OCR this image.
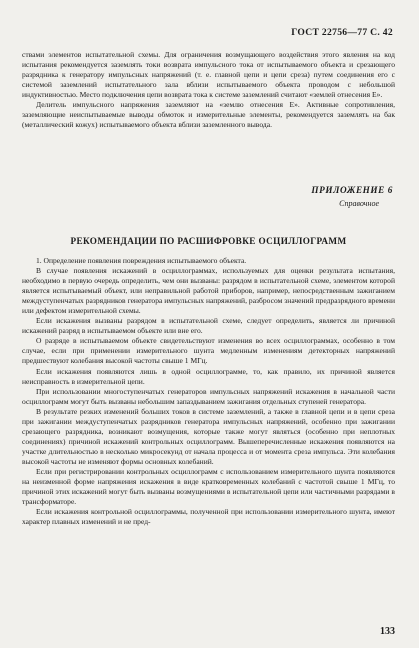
ГОСТ 22756—77 С. 42

ствами элементов испытательной схемы. Для ограничения возмущающего воздействия этого явления на код испытания рекомендуется заземлять токи возврата импульсного тока от испытываемого объекта и срезающего разрядника к генератору импульсных напряжений (т. е. главной цепи и цепи среза) путем соединения его с системой заземлений испытательного зала вблизи испытываемого объекта проводом с небольшой индуктивностью. Место подключения цепи возврата тока к системе заземлений считают «землей отнесения Е».

Делитель импульсного напряжения заземляют на «землю отнесения Е». Активные сопротивления, заземляющие неиспытываемые выводы обмоток и измерительные элементы, рекомендуется заземлять на бак (металлический кожух) испытываемого объекта вблизи заземленного вывода.

ПРИЛОЖЕНИЕ 6
Справочное
РЕКОМЕНДАЦИИ ПО РАСШИФРОВКЕ ОСЦИЛЛОГРАММ

1. Определение появления повреждения испытываемого объекта.

В случае появления искажений в осциллограммах, используемых для оценки результата испытания, необходимо в первую очередь определить, чем они вызваны: разрядом в испытательной схеме, элементом которой является испытываемый объект, или неправильной работой приборов, например, непосредственным зажиганием междуступенчатых разрядников генератора импульсных напряжений, разбросом значений предразрядного времени или дефектом измерительной схемы.

Если искажения вызваны разрядом в испытательной схеме, следует определить, является ли причиной искажений разряд в испытываемом объекте или вне его.

О разряде в испытываемом объекте свидетельствуют изменения во всех осциллограммах, особенно в том случае, если при применении измерительного шунта медленным изменениям детекторных напряжений предшествуют колебания высокой частоты свыше 1 МГц.

Если искажения появляются лишь в одной осциллограмме, то, как правило, их причиной является неисправность в измерительной цепи.

При использовании многоступенчатых генераторов импульсных напряжений искажения в начальной части осциллограмм могут быть вызваны небольшим запаздыванием зажигания отдельных ступеней генератора.

В результате резких изменений больших токов в системе заземлений, а также в главной цепи и в цепи среза при зажигании междуступенчатых разрядников генератора импульсных напряжений, особенно при зажигании срезающего разрядника, возникают возмущения, которые также могут являться (особенно при неплотных соединениях) причиной искажений контрольных осциллограмм. Вышеперечисленные искажения появляются на участке длительностью в несколько микросекунд от начала процесса и от момента среза импульса. Эти колебания высокой частоты не изменяют формы основных колебаний.

Если при регистрировании контрольных осциллограмм с использованием измерительного шунта появляются на неизменной форме напряжения искажения в виде кратковременных колебаний с частотой свыше 1 МГц, то причиной этих искажений могут быть вызваны возмущениями в испытательной цепи или частичными разрядами в трансформаторе.

Если искажения контрольной осциллограммы, полученной при использовании измерительного шунта, имеют характер плавных изменений и не пред-

133
